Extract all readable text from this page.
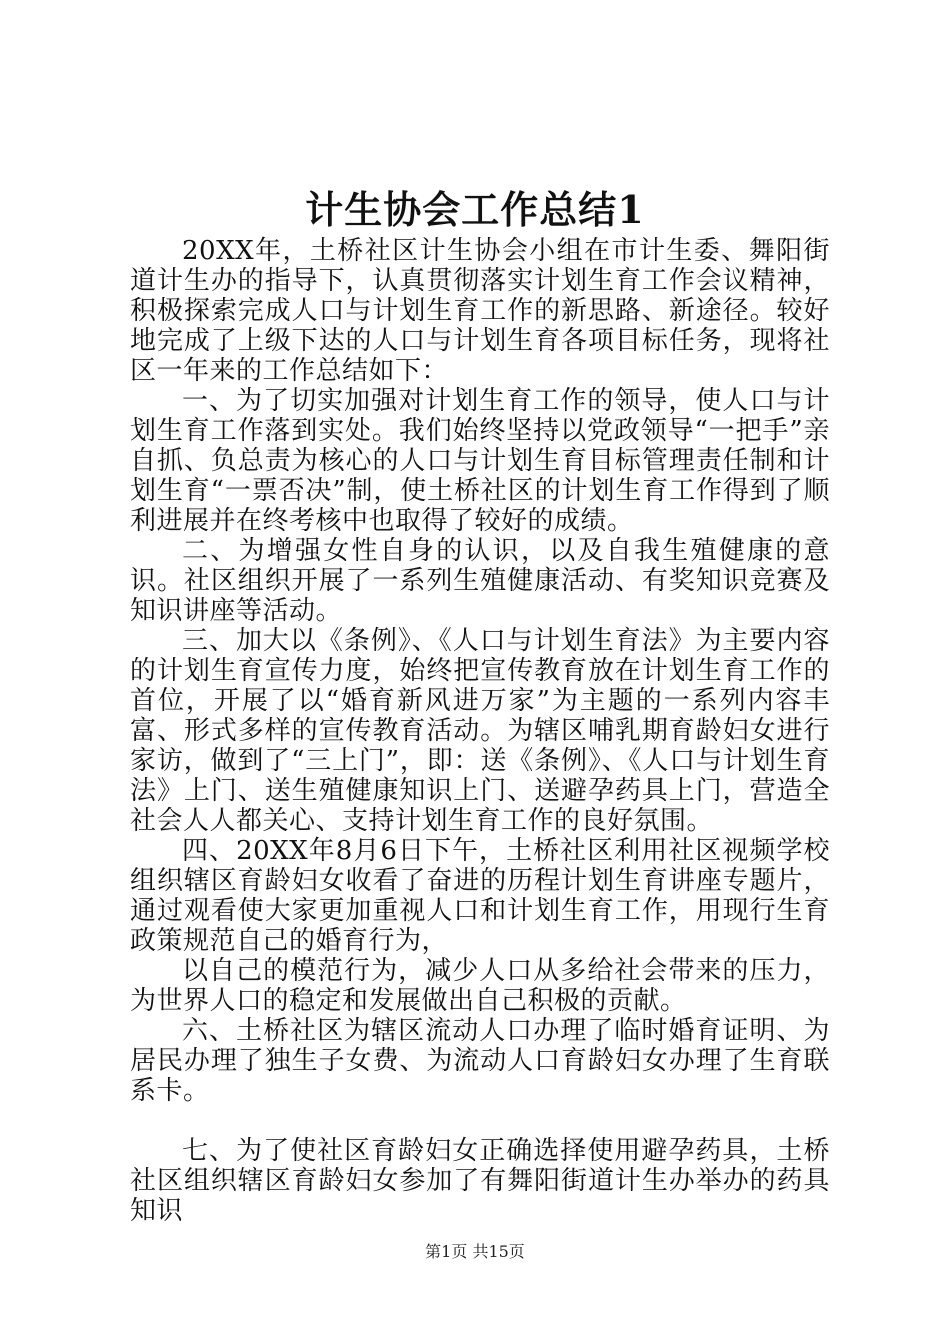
计生协会工作总结1

20XX年，土桥社区计生协会小组在市计生委、舞阳街道计生办的指导下，认真贯彻落实计划生育工作会议精神，积极探索完成人口与计划生育工作的新思路、新途径。较好地完成了上级下达的人口与计划生育各项目标任务，现将社区一年来的工作总结如下：

一、为了切实加强对计划生育工作的领导，使人口与计划生育工作落到实处。我们始终坚持以党政领导“一把手”亲自抓、负总责为核心的人口与计划生育目标管理责任制和计划生育“一票否决”制，使土桥社区的计划生育工作得到了顺利进展并在终考核中也取得了较好的成绩。

二、为增强女性自身的认识，以及自我生殖健康的意识。社区组织开展了一系列生殖健康活动、有奖知识竞赛及知识讲座等活动。

三、加大以《条例》、《人口与计划生育法》为主要内容的计划生育宣传力度，始终把宣传教育放在计划生育工作的首位，开展了以“婚育新风进万家”为主题的一系列内容丰富、形式多样的宣传教育活动。为辖区哺乳期育龄妇女进行家访，做到了“三上门”，即：送《条例》、《人口与计划生育法》上门、送生殖健康知识上门、送避孕药具上门，营造全社会人人都关心、支持计划生育工作的良好氛围。

四、20XX年8月6日下午，土桥社区利用社区视频学校组织辖区育龄妇女收看了奋进的历程计划生育讲座专题片，通过观看使大家更加重视人口和计划生育工作，用现行生育政策规范自己的婚育行为，

以自己的模范行为，减少人口从多给社会带来的压力，为世界人口的稳定和发展做出自己积极的贡献。

六、土桥社区为辖区流动人口办理了临时婚育证明、为居民办理了独生子女费、为流动人口育龄妇女办理了生育联系卡。

七、为了使社区育龄妇女正确选择使用避孕药具，土桥社区组织辖区育龄妇女参加了有舞阳街道计生办举办的药具知识

第1页 共15页
